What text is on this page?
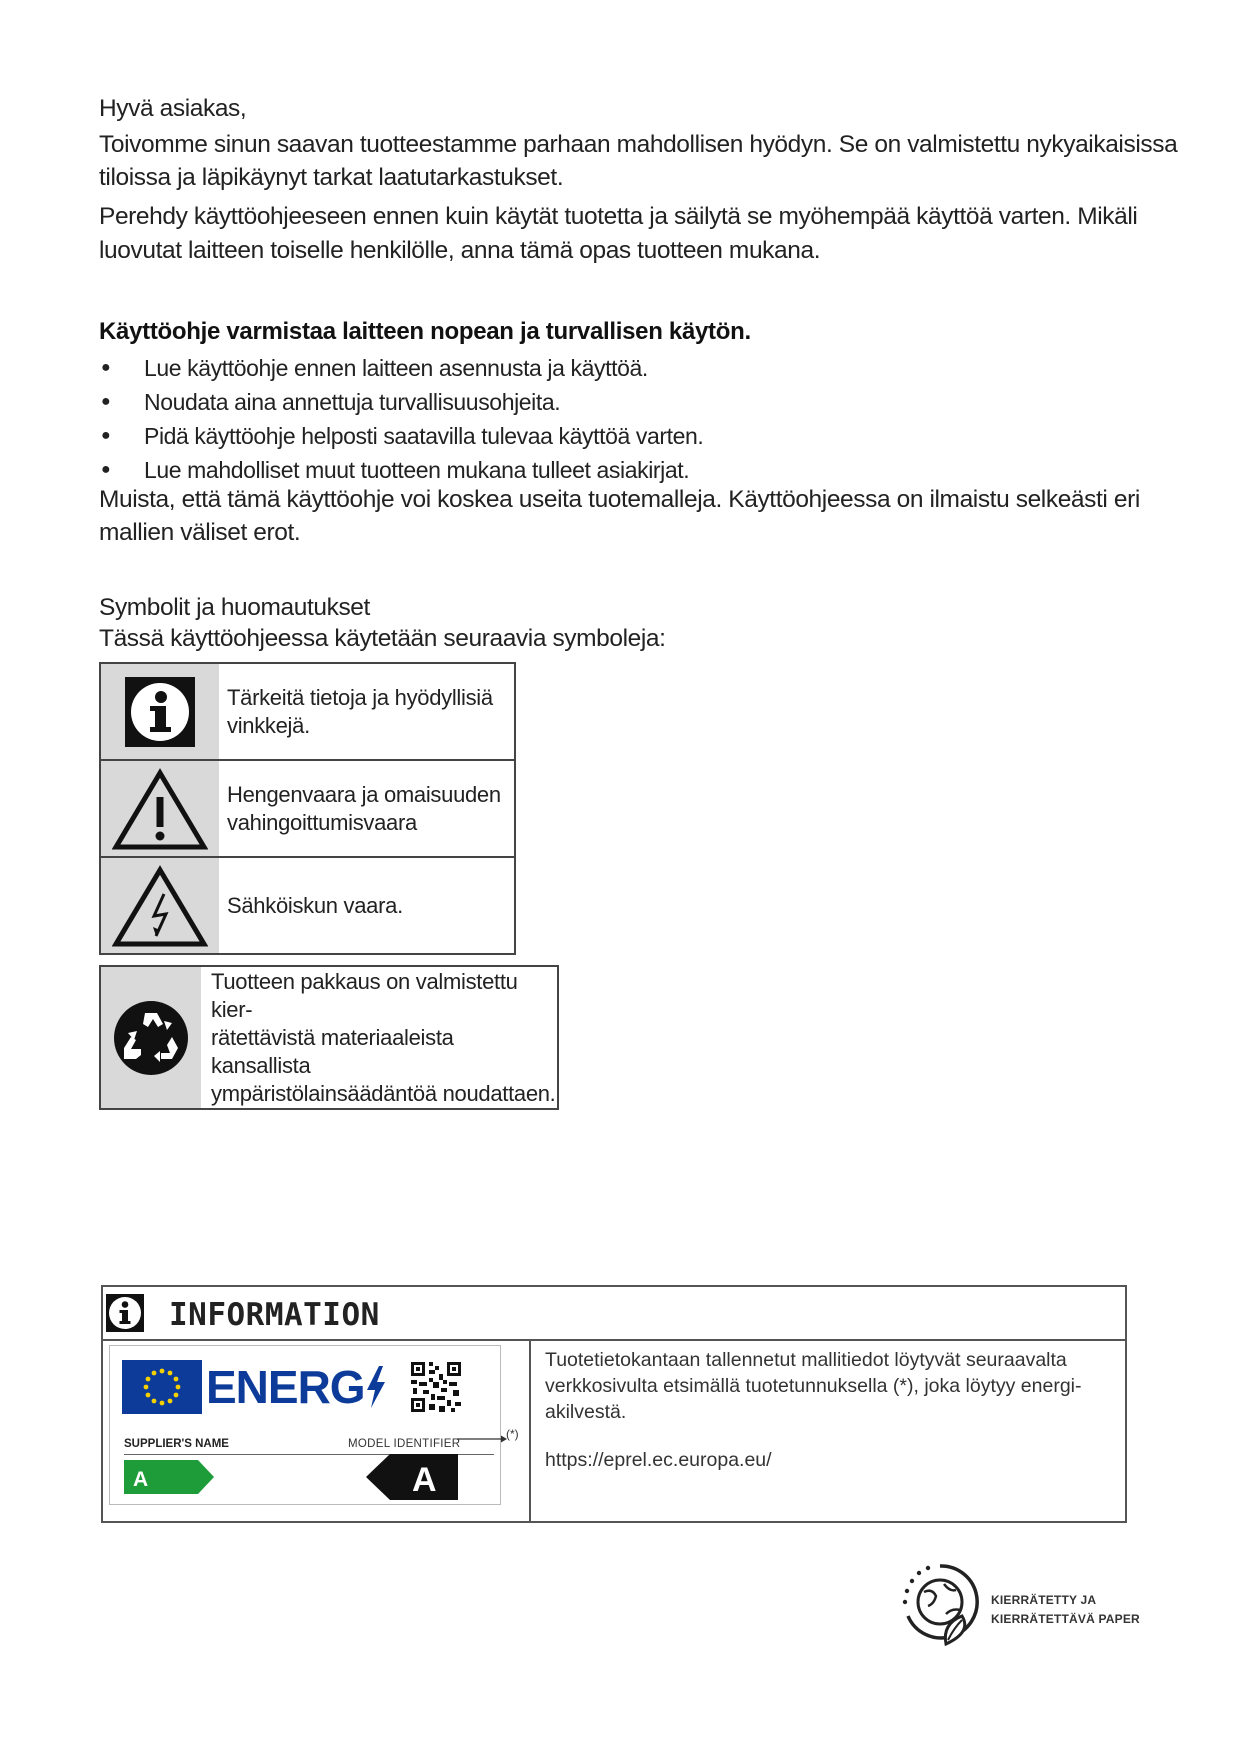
Hyvä asiakas,
Toivomme sinun saavan tuotteestamme parhaan mahdollisen hyödyn. Se on valmistettu nykyaikaisissa
tiloissa ja läpikäynyt tarkat laatutarkastukset.
Perehdy käyttöohjeeseen ennen kuin käytät tuotetta ja säilytä se myöhempää käyttöä varten. Mikäli
luovutat laitteen toiselle henkilölle, anna tämä opas tuotteen mukana.
Käyttöohje varmistaa laitteen nopean ja turvallisen käytön.
● Lue käyttöohje ennen laitteen asennusta ja käyttöä.
● Noudata aina annettuja turvallisuusohjeita.
● Pidä käyttöohje helposti saatavilla tulevaa käyttöä varten.
● Lue mahdolliset muut tuotteen mukana tulleet asiakirjat.
Muista, että tämä käyttöohje voi koskea useita tuotemalleja. Käyttöohjeessa on ilmaistu selkeästi eri
mallien väliset erot.
Symbolit ja huomautukset
Tässä käyttöohjeessa käytetään seuraavia symboleja:
Tärkeitä tietoja ja hyödyllisiä
vinkkejä.
Hengenvaara ja omaisuuden
vahingoittumisvaara
Sähköiskun vaara.
Tuotteen pakkaus on valmistettu kier-
rätettävistä materiaaleista kansallista
ympäristölainsäädäntöä noudattaen.
INFORMATION
ENERG
SUPPLIER'S NAME	MODEL IDENTIFIER
A	A
(*)
Tuotetietokantaan tallennetut mallitiedot löytyvät seuraavalta
verkkosivulta etsimällä tuotetunnuksella (*), joka löytyy energi-
akilvestä.
https://eprel.ec.europa.eu/
KIERRÄTETTY JA
KIERRÄTETTÄVÄ PAPER
